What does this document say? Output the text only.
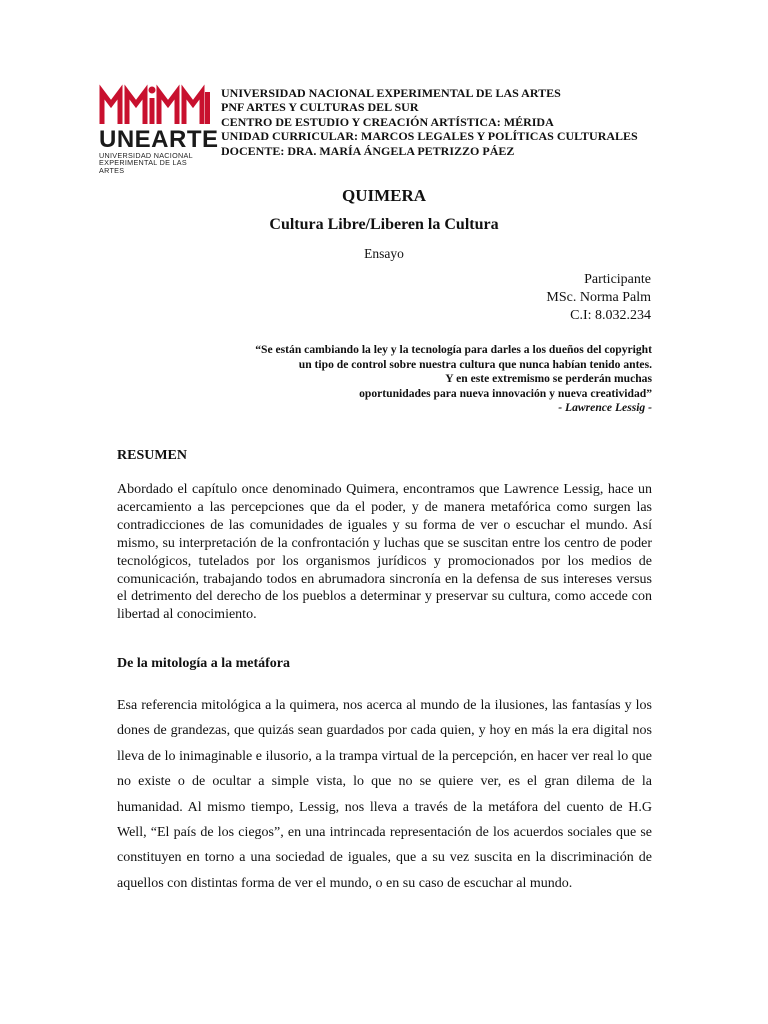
UNEARTE
UNIVERSIDAD NACIONAL
EXPERIMENTAL DE LAS ARTES
UNIVERSIDAD NACIONAL EXPERIMENTAL DE LAS ARTES
PNF ARTES Y CULTURAS DEL SUR
CENTRO DE ESTUDIO Y CREACIÓN ARTÍSTICA: MÉRIDA
UNIDAD CURRICULAR: MARCOS LEGALES Y POLÍTICAS CULTURALES
DOCENTE: DRA. MARÍA ÁNGELA PETRIZZO PÁEZ
QUIMERA
Cultura Libre/Liberen la Cultura
Ensayo
Participante
MSc. Norma Palm
C.I: 8.032.234
“Se están cambiando la ley y la tecnología para darles a los dueños del copyright
un tipo de control sobre nuestra cultura que nunca habían tenido antes.
Y en este extremismo se perderán muchas
oportunidades para nueva innovación y nueva creatividad”
- Lawrence Lessig -
RESUMEN
Abordado el capítulo once denominado Quimera, encontramos que Lawrence Lessig, hace un acercamiento a las percepciones que da el poder, y de manera metafórica como surgen las contradicciones de las comunidades de iguales y su forma de ver o escuchar el mundo. Así mismo, su interpretación de la confrontación y luchas que se suscitan entre los centro de poder tecnológicos, tutelados por los organismos jurídicos y promocionados por los medios de comunicación, trabajando todos en abrumadora sincronía en la defensa de sus intereses versus el detrimento del derecho de los pueblos a determinar y preservar su cultura, como accede con libertad al conocimiento.
De la mitología a la metáfora
Esa referencia mitológica a la quimera, nos acerca al mundo de la ilusiones, las fantasías y los dones de grandezas, que quizás sean guardados por cada quien, y hoy en más la era digital nos lleva de lo inimaginable e ilusorio, a la trampa virtual de la percepción, en hacer ver real lo que no existe o de ocultar a simple vista, lo que no se quiere ver, es el gran dilema de la humanidad. Al mismo tiempo, Lessig, nos lleva a través de la metáfora del cuento de H.G Well, “El país de los ciegos”, en una intrincada representación de los acuerdos sociales que se constituyen en torno a una sociedad de iguales, que a su vez suscita en la discriminación de aquellos con distintas forma de ver el mundo, o en su caso de escuchar al mundo.
